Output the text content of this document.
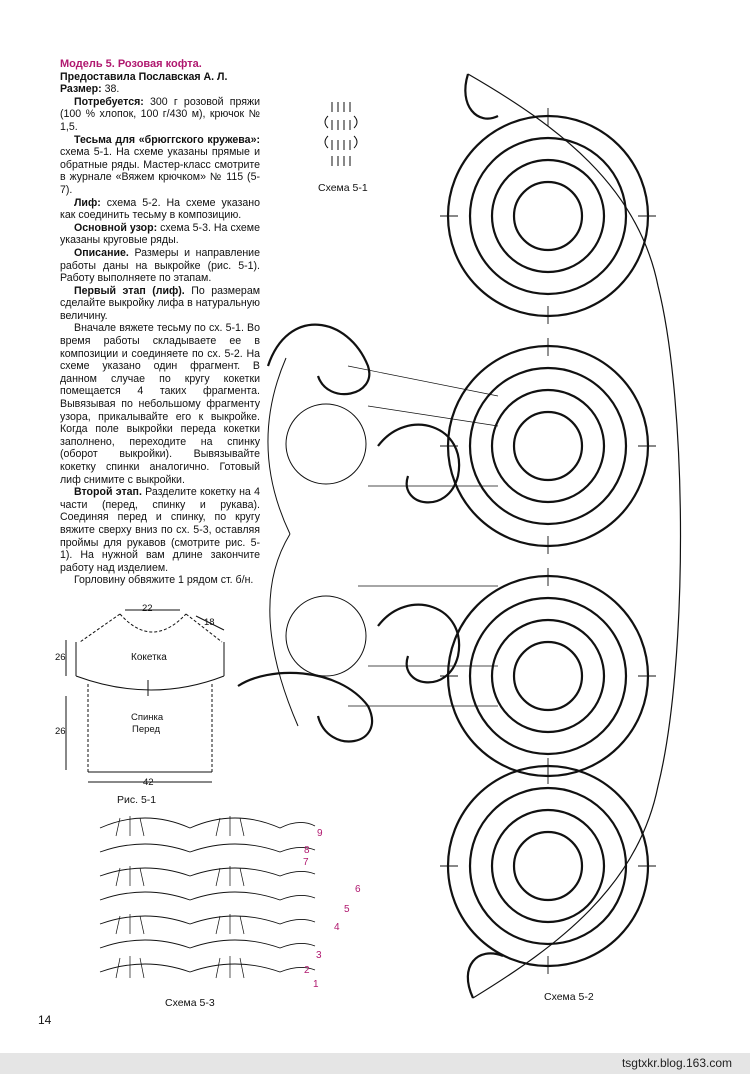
Модель 5. Розовая кофта.

Предоставила Пославская А. Л.

Размер: 38.

Потребуется: 300 г розовой пряжи (100 % хлопок, 100 г/430 м), крючок № 1,5.

Тесьма для «брюггского кружева»: схема 5-1. На схеме указаны прямые и обратные ряды. Мастер-класс смотрите в журнале «Вяжем крючком» № 115 (5-7).

Лиф: схема 5-2. На схеме указано как соединить тесьму в композицию.

Основной узор: схема 5-3. На схеме указаны круговые ряды.

Описание. Размеры и направление работы даны на выкройке (рис. 5-1). Работу выполняете по этапам.

Первый этап (лиф). По размерам сделайте выкройку лифа в натуральную величину.

Вначале вяжете тесьму по сх. 5-1. Во время работы складываете ее в композиции и соединяете по сх. 5-2. На схеме указано один фрагмент. В данном случае по кругу кокетки помещается 4 таких фрагмента. Вывязывая по небольшому фрагменту узора, прикалывайте его к выкройке. Когда поле выкройки переда кокетки заполнено, переходите на спинку (оборот выкройки). Вывязывайте кокетку спинки аналогично. Готовый лиф снимите с выкройки.

Второй этап. Разделите кокетку на 4 части (перед, спинку и рукава). Соединяя перед и спинку, по кругу вяжите сверху вниз по сх. 5-3, оставляя проймы для рукавов (смотрите рис. 5-1). На нужной вам длине закончите работу над изделием.

Горловину обвяжите 1 рядом ст. б/н.

Схема 5-1
Схема 5-2
22
18
26
26
42
Кокетка
Спинка
Перед
Рис. 5-1
9
8
7
6
5
4
3
2
1
Схема 5-3
14
tsgtxkr.blog.163.com
